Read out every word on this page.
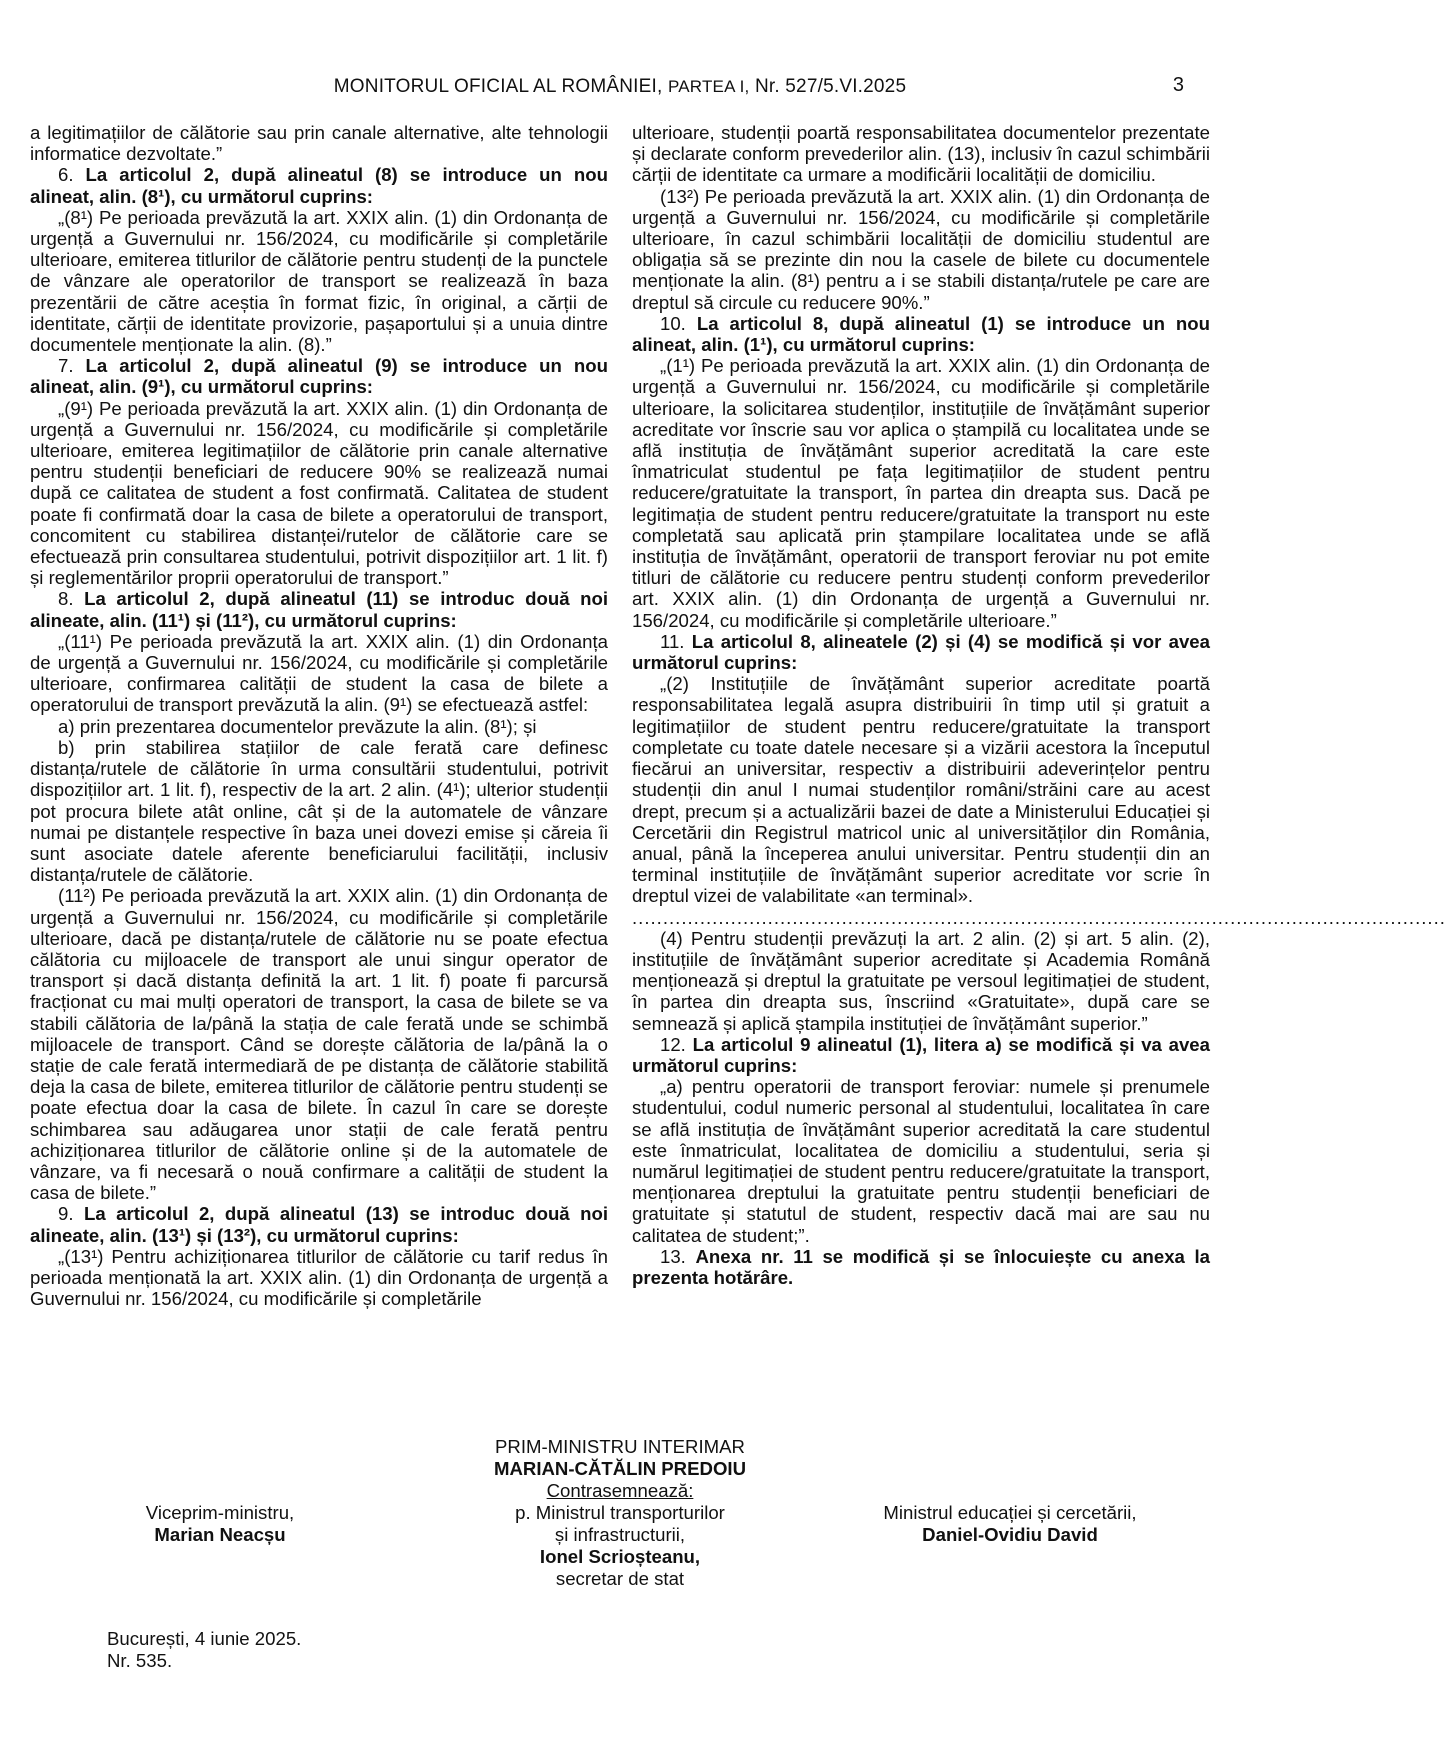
MONITORUL OFICIAL AL ROMÂNIEI, PARTEA I, Nr. 527/5.VI.2025	3

a legitimațiilor de călătorie sau prin canale alternative, alte tehnologii informatice dezvoltate.”

6. La articolul 2, după alineatul (8) se introduce un nou alineat, alin. (8¹), cu următorul cuprins:

„(8¹) Pe perioada prevăzută la art. XXIX alin. (1) din Ordonanța de urgență a Guvernului nr. 156/2024, cu modificările și completările ulterioare, emiterea titlurilor de călătorie pentru studenți de la punctele de vânzare ale operatorilor de transport se realizează în baza prezentării de către aceștia în format fizic, în original, a cărții de identitate, cărții de identitate provizorie, pașaportului și a unuia dintre documentele menționate la alin. (8).”

7. La articolul 2, după alineatul (9) se introduce un nou alineat, alin. (9¹), cu următorul cuprins:

„(9¹) Pe perioada prevăzută la art. XXIX alin. (1) din Ordonanța de urgență a Guvernului nr. 156/2024, cu modificările și completările ulterioare, emiterea legitimațiilor de călătorie prin canale alternative pentru studenții beneficiari de reducere 90% se realizează numai după ce calitatea de student a fost confirmată. Calitatea de student poate fi confirmată doar la casa de bilete a operatorului de transport, concomitent cu stabilirea distanței/rutelor de călătorie care se efectuează prin consultarea studentului, potrivit dispozițiilor art. 1 lit. f) și reglementărilor proprii operatorului de transport.”

8. La articolul 2, după alineatul (11) se introduc două noi alineate, alin. (11¹) și (11²), cu următorul cuprins:

„(11¹) Pe perioada prevăzută la art. XXIX alin. (1) din Ordonanța de urgență a Guvernului nr. 156/2024, cu modificările și completările ulterioare, confirmarea calității de student la casa de bilete a operatorului de transport prevăzută la alin. (9¹) se efectuează astfel:

a) prin prezentarea documentelor prevăzute la alin. (8¹); și

b) prin stabilirea stațiilor de cale ferată care definesc distanța/rutele de călătorie în urma consultării studentului, potrivit dispozițiilor art. 1 lit. f), respectiv de la art. 2 alin. (4¹); ulterior studenții pot procura bilete atât online, cât și de la automatele de vânzare numai pe distanțele respective în baza unei dovezi emise și căreia îi sunt asociate datele aferente beneficiarului facilității, inclusiv distanța/rutele de călătorie.

(11²) Pe perioada prevăzută la art. XXIX alin. (1) din Ordonanța de urgență a Guvernului nr. 156/2024, cu modificările și completările ulterioare, dacă pe distanța/rutele de călătorie nu se poate efectua călătoria cu mijloacele de transport ale unui singur operator de transport și dacă distanța definită la art. 1 lit. f) poate fi parcursă fracționat cu mai mulți operatori de transport, la casa de bilete se va stabili călătoria de la/până la stația de cale ferată unde se schimbă mijloacele de transport. Când se dorește călătoria de la/până la o stație de cale ferată intermediară de pe distanța de călătorie stabilită deja la casa de bilete, emiterea titlurilor de călătorie pentru studenți se poate efectua doar la casa de bilete. În cazul în care se dorește schimbarea sau adăugarea unor stații de cale ferată pentru achiziționarea titlurilor de călătorie online și de la automatele de vânzare, va fi necesară o nouă confirmare a calității de student la casa de bilete.”

9. La articolul 2, după alineatul (13) se introduc două noi alineate, alin. (13¹) și (13²), cu următorul cuprins:

„(13¹) Pentru achiziționarea titlurilor de călătorie cu tarif redus în perioada menționată la art. XXIX alin. (1) din Ordonanța de urgență a Guvernului nr. 156/2024, cu modificările și completările

ulterioare, studenții poartă responsabilitatea documentelor prezentate și declarate conform prevederilor alin. (13), inclusiv în cazul schimbării cărții de identitate ca urmare a modificării localității de domiciliu.

(13²) Pe perioada prevăzută la art. XXIX alin. (1) din Ordonanța de urgență a Guvernului nr. 156/2024, cu modificările și completările ulterioare, în cazul schimbării localității de domiciliu studentul are obligația să se prezinte din nou la casele de bilete cu documentele menționate la alin. (8¹) pentru a i se stabili distanța/rutele pe care are dreptul să circule cu reducere 90%.”

10. La articolul 8, după alineatul (1) se introduce un nou alineat, alin. (1¹), cu următorul cuprins:

„(1¹) Pe perioada prevăzută la art. XXIX alin. (1) din Ordonanța de urgență a Guvernului nr. 156/2024, cu modificările și completările ulterioare, la solicitarea studenților, instituțiile de învățământ superior acreditate vor înscrie sau vor aplica o ștampilă cu localitatea unde se află instituția de învățământ superior acreditată la care este înmatriculat studentul pe fața legitimațiilor de student pentru reducere/gratuitate la transport, în partea din dreapta sus. Dacă pe legitimația de student pentru reducere/gratuitate la transport nu este completată sau aplicată prin ștampilare localitatea unde se află instituția de învățământ, operatorii de transport feroviar nu pot emite titluri de călătorie cu reducere pentru studenți conform prevederilor art. XXIX alin. (1) din Ordonanța de urgență a Guvernului nr. 156/2024, cu modificările și completările ulterioare.”

11. La articolul 8, alineatele (2) și (4) se modifică și vor avea următorul cuprins:

„(2) Instituțiile de învățământ superior acreditate poartă responsabilitatea legală asupra distribuirii în timp util și gratuit a legitimațiilor de student pentru reducere/gratuitate la transport completate cu toate datele necesare și a vizării acestora la începutul fiecărui an universitar, respectiv a distribuirii adeverințelor pentru studenții din anul I numai studenților români/străini care au acest drept, precum și a actualizării bazei de date a Ministerului Educației și Cercetării din Registrul matricol unic al universităților din România, anual, până la începerea anului universitar. Pentru studenții din an terminal instituțiile de învățământ superior acreditate vor scrie în dreptul vizei de valabilitate «an terminal».

....................................................................................................................................

(4) Pentru studenții prevăzuți la art. 2 alin. (2) și art. 5 alin. (2), instituțiile de învățământ superior acreditate și Academia Română menționează și dreptul la gratuitate pe versoul legitimației de student, în partea din dreapta sus, înscriind «Gratuitate», după care se semnează și aplică ștampila instituției de învățământ superior.”

12. La articolul 9 alineatul (1), litera a) se modifică și va avea următorul cuprins:

„a) pentru operatorii de transport feroviar: numele și prenumele studentului, codul numeric personal al studentului, localitatea în care se află instituția de învățământ superior acreditată la care studentul este înmatriculat, localitatea de domiciliu a studentului, seria și numărul legitimației de student pentru reducere/gratuitate la transport, menționarea dreptului la gratuitate pentru studenții beneficiari de gratuitate și statutul de student, respectiv dacă mai are sau nu calitatea de student;”.

13. Anexa nr. 11 se modifică și se înlocuiește cu anexa la prezenta hotărâre.

PRIM-MINISTRU INTERIMAR
MARIAN-CĂTĂLIN PREDOIU
Contrasemnează:
Viceprim-ministru,
Marian Neacșu
p. Ministrul transporturilor
și infrastructurii,
Ionel Scrioșteanu,
secretar de stat
Ministrul educației și cercetării,
Daniel-Ovidiu David
București, 4 iunie 2025.
Nr. 535.
